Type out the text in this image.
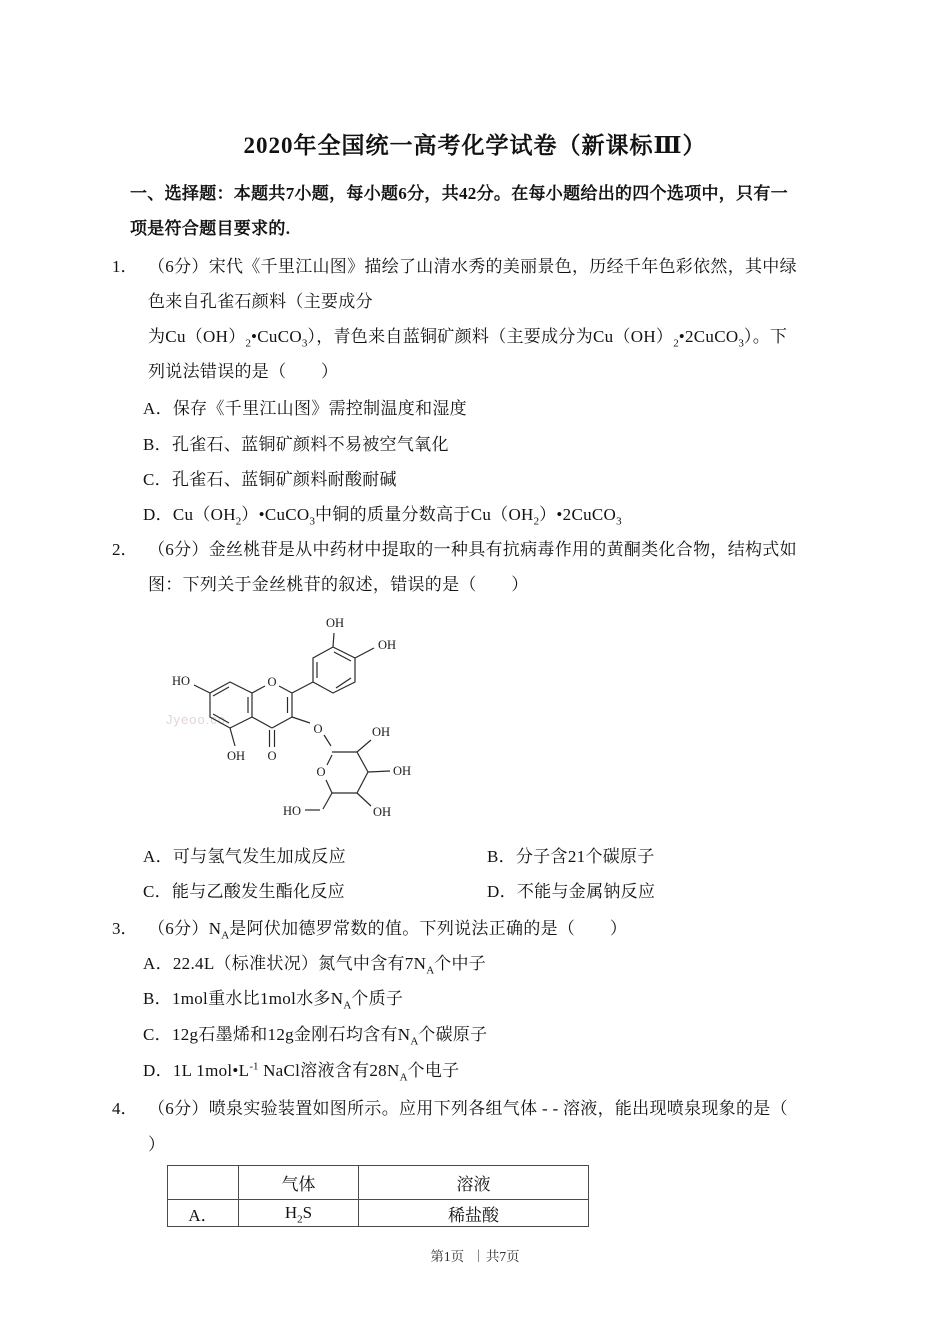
2020年全国统一高考化学试卷（新课标Ⅲ）
一、选择题：本题共7小题，每小题6分，共42分。在每小题给出的四个选项中，只有一
项是符合题目要求的.
1． （6分）宋代《千里江山图》描绘了山清水秀的美丽景色，历经千年色彩依然，其中绿
色来自孔雀石颜料（主要成分
为$Cu(OH)_2•CuCO_3$），青色来自蓝铜矿颜料（主要成分为$Cu(OH)_2•2CuCO_3$）。下
列说法错误的是（　　）
A．保存《千里江山图》需控制温度和湿度
B．孔雀石、蓝铜矿颜料不易被空气氧化
C．孔雀石、蓝铜矿颜料耐酸耐碱
D．$Cu(OH_2)•CuCO_3$中铜的质量分数高于$Cu(OH_2)•2CuCO_3$
2． （6分）金丝桃苷是从中药材中提取的一种具有抗病毒作用的黄酮类化合物，结构式如
图：下列关于金丝桃苷的叙述，错误的是（　　）
Jyeoo.co
HO	O
OH
OH
OH O
O
O
OH
OH
OH
HO
A．可与氢气发生加成反应	B．分子含21个碳原子
C．能与乙酸发生酯化反应	D．不能与金属钠反应
3． （6分）$N_A$是阿伏加德罗常数的值。下列说法正确的是（　　）
A．22.4L（标准状况）氮气中含有$7N_A$个中子
B．1mol重水比1mol水多$N_A$个质子
C．12g石墨烯和12g金刚石均含有$N_A$个碳原子
D．1L $1mol•L^{-1}$ NaCl溶液含有$28N_A$个电子
4． （6分）喷泉实验装置如图所示。应用下列各组气体 - - 溶液，能出现喷泉现象的是（
）
	气体	溶液
A．	$H_2S$	稀盐酸
第1页 | 共7页
